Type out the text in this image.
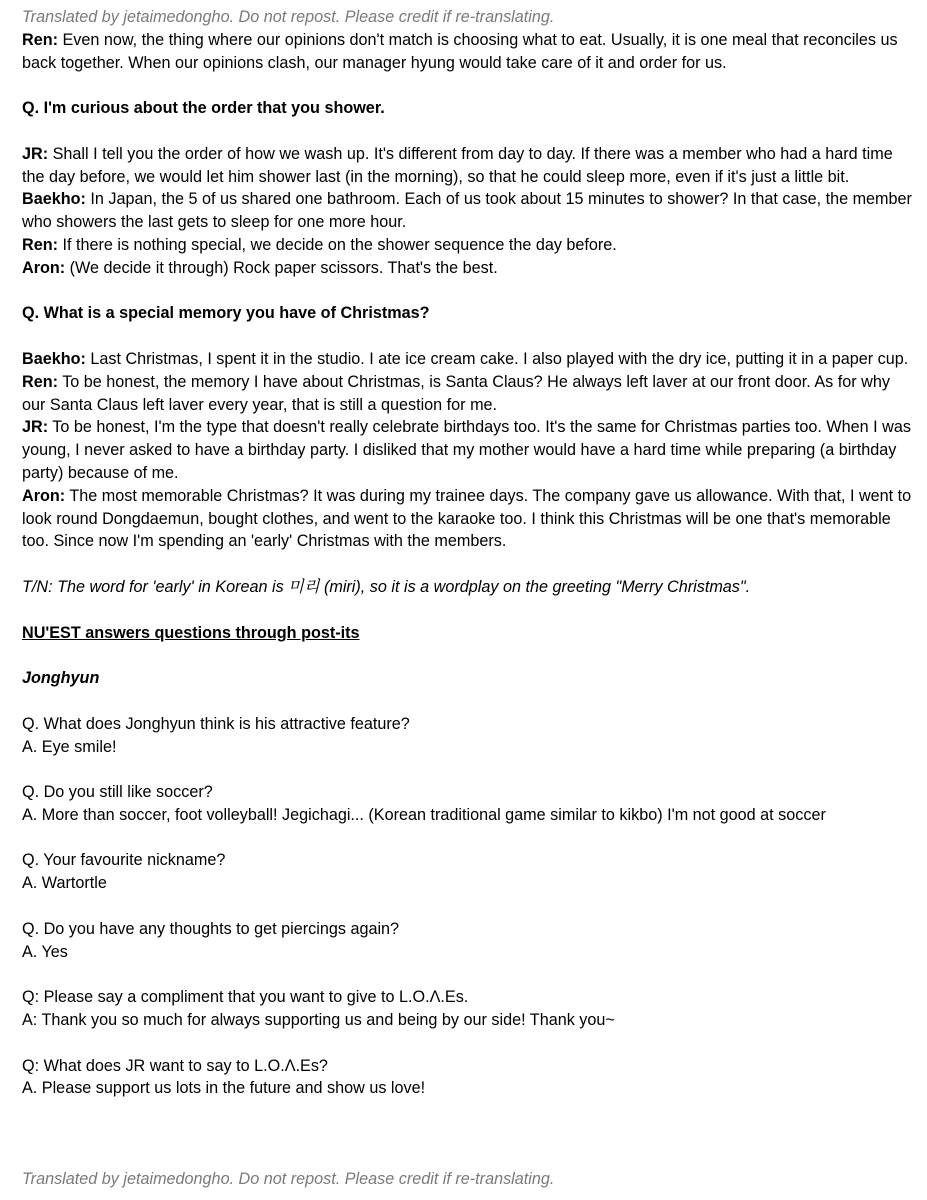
Translated by jetaimedongho. Do not repost. Please credit if re-translating.

Ren: Even now, the thing where our opinions don't match is choosing what to eat. Usually, it is one meal that reconciles us back together. When our opinions clash, our manager hyung would take care of it and order for us.

Q. I'm curious about the order that you shower.

JR: Shall I tell you the order of how we wash up. It's different from day to day. If there was a member who had a hard time the day before, we would let him shower last (in the morning), so that he could sleep more, even if it's just a little bit.

Baekho: In Japan, the 5 of us shared one bathroom. Each of us took about 15 minutes to shower? In that case, the member who showers the last gets to sleep for one more hour.

Ren: If there is nothing special, we decide on the shower sequence the day before.

Aron: (We decide it through) Rock paper scissors. That's the best.

Q. What is a special memory you have of Christmas?

Baekho: Last Christmas, I spent it in the studio. I ate ice cream cake. I also played with the dry ice, putting it in a paper cup.

Ren: To be honest, the memory I have about Christmas, is Santa Claus? He always left laver at our front door. As for why our Santa Claus left laver every year, that is still a question for me.

JR: To be honest, I'm the type that doesn't really celebrate birthdays too. It's the same for Christmas parties too. When I was young, I never asked to have a birthday party. I disliked that my mother would have a hard time while preparing (a birthday party) because of me.

Aron: The most memorable Christmas? It was during my trainee days. The company gave us allowance. With that, I went to look round Dongdaemun, bought clothes, and went to the karaoke too. I think this Christmas will be one that's memorable too. Since now I'm spending an 'early' Christmas with the members.

T/N: The word for 'early' in Korean is 미리 (miri), so it is a wordplay on the greeting "Merry Christmas".

NU'EST answers questions through post-its

Jonghyun

Q. What does Jonghyun think is his attractive feature?

A. Eye smile!

Q. Do you still like soccer?

A. More than soccer, foot volleyball! Jegichagi... (Korean traditional game similar to kikbo) I'm not good at soccer

Q. Your favourite nickname?

A. Wartortle

Q. Do you have any thoughts to get piercings again?

A. Yes

Q: Please say a compliment that you want to give to L.O.Λ.Es.

A: Thank you so much for always supporting us and being by our side! Thank you~

Q: What does JR want to say to L.O.Λ.Es?

A. Please support us lots in the future and show us love!

Translated by jetaimedongho. Do not repost. Please credit if re-translating.
